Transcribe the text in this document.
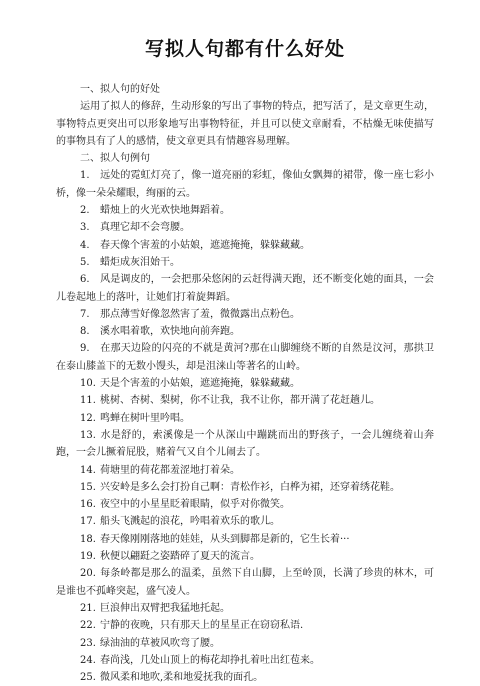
写拟人句都有什么好处

一、拟人句的好处

运用了拟人的修辞，生动形象的写出了事物的特点，把写活了，是文章更生动，事物特点更突出可以形象地写出事物特征，并且可以使文章耐看，不枯燥无味使描写的事物具有了人的感情，使文章更具有情趣容易理解。

二、拟人句例句

1. 远处的霓虹灯亮了，像一道亮丽的彩虹，像仙女飘舞的裙带，像一座七彩小桥，像一朵朵耀眼，绚丽的云。
2. 蜡烛上的火光欢快地舞蹈着。
3. 真理它却不会弯腰。
4. 春天像个害羞的小姑娘，遮遮掩掩，躲躲藏藏。
5. 蜡炬成灰泪始干。
6. 风是调皮的，一会把那朵悠闲的云赶得满天跑，还不断变化她的面具，一会儿卷起地上的落叶，让她们打着旋舞蹈。
7. 那点薄雪好像忽然害了羞，微微露出点粉色。
8. 溪水唱着歌，欢快地向前奔跑。
9. 在那天边险的闪亮的不就是黄河?那在山脚缠绕不断的自然是汶河，那拱卫在泰山膝盖下的无数小馒头，却是沮涞山等著名的山岭。
10. 天是个害羞的小姑娘，遮遮掩掩，躲躲藏藏。
11. 桃树、杏树、梨树，你不让我，我不让你，都开满了花赶趟儿。
12. 鸣蝉在树叶里吟唱。
13. 水是舒的，索溪像是一个从深山中蹦跳而出的野孩子，一会儿缠绕着山奔跑，一会儿撅着屁股，赌着气又自个儿闹去了。
14. 荷塘里的荷花都羞涩地打着朵。
15. 兴安岭是多么会打扮自己啊：青松作衫，白桦为裙，还穿着绣花鞋。
16. 夜空中的小星星眨着眼睛，似乎对你微笑。
17. 船头飞溅起的浪花，吟唱着欢乐的歌儿。
18. 春天像刚刚落地的娃娃，从头到脚都是新的，它生长着···
19. 秋便以翩跹之姿踏碎了夏天的流言。
20. 每条岭都是那么的温柔，虽然下自山脚，上至岭顶，长满了珍贵的林木，可是谁也不孤峰突起，盛气凌人。
21. 巨浪伸出双臂把我猛地托起。
22. 宁静的夜晚，只有那天上的星星正在窃窃私语.
23. 绿油油的草被风吹弯了腰。
24. 春尚浅，几处山顶上的梅花却挣扎着吐出红苞来。
25. 微风柔和地吹,柔和地爱抚我的面孔。
